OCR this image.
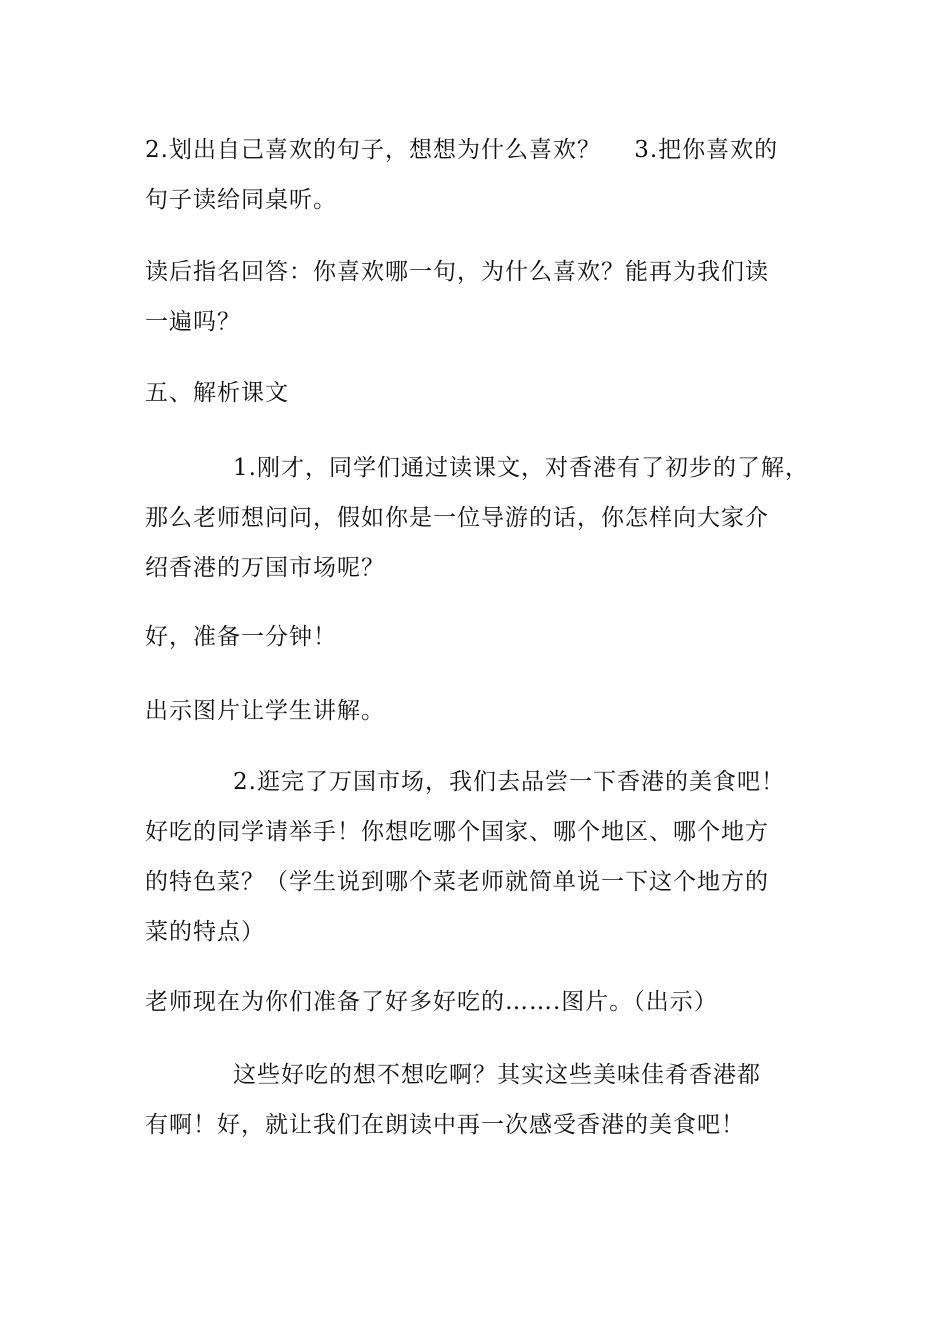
2.划出自己喜欢的句子，想想为什么喜欢？    3.把你喜欢的
句子读给同桌听。
读后指名回答：你喜欢哪一句，为什么喜欢？能再为我们读
一遍吗？
五、解析课文
1.刚才，同学们通过读课文，对香港有了初步的了解，
那么老师想问问，假如你是一位导游的话，你怎样向大家介
绍香港的万国市场呢？
好，准备一分钟！
出示图片让学生讲解。
2.逛完了万国市场，我们去品尝一下香港的美食吧！
好吃的同学请举手！你想吃哪个国家、哪个地区、哪个地方
的特色菜？（学生说到哪个菜老师就简单说一下这个地方的
菜的特点）
老师现在为你们准备了好多好吃的…….图片。（出示）
这些好吃的想不想吃啊？其实这些美味佳肴香港都
有啊！好，就让我们在朗读中再一次感受香港的美食吧！
